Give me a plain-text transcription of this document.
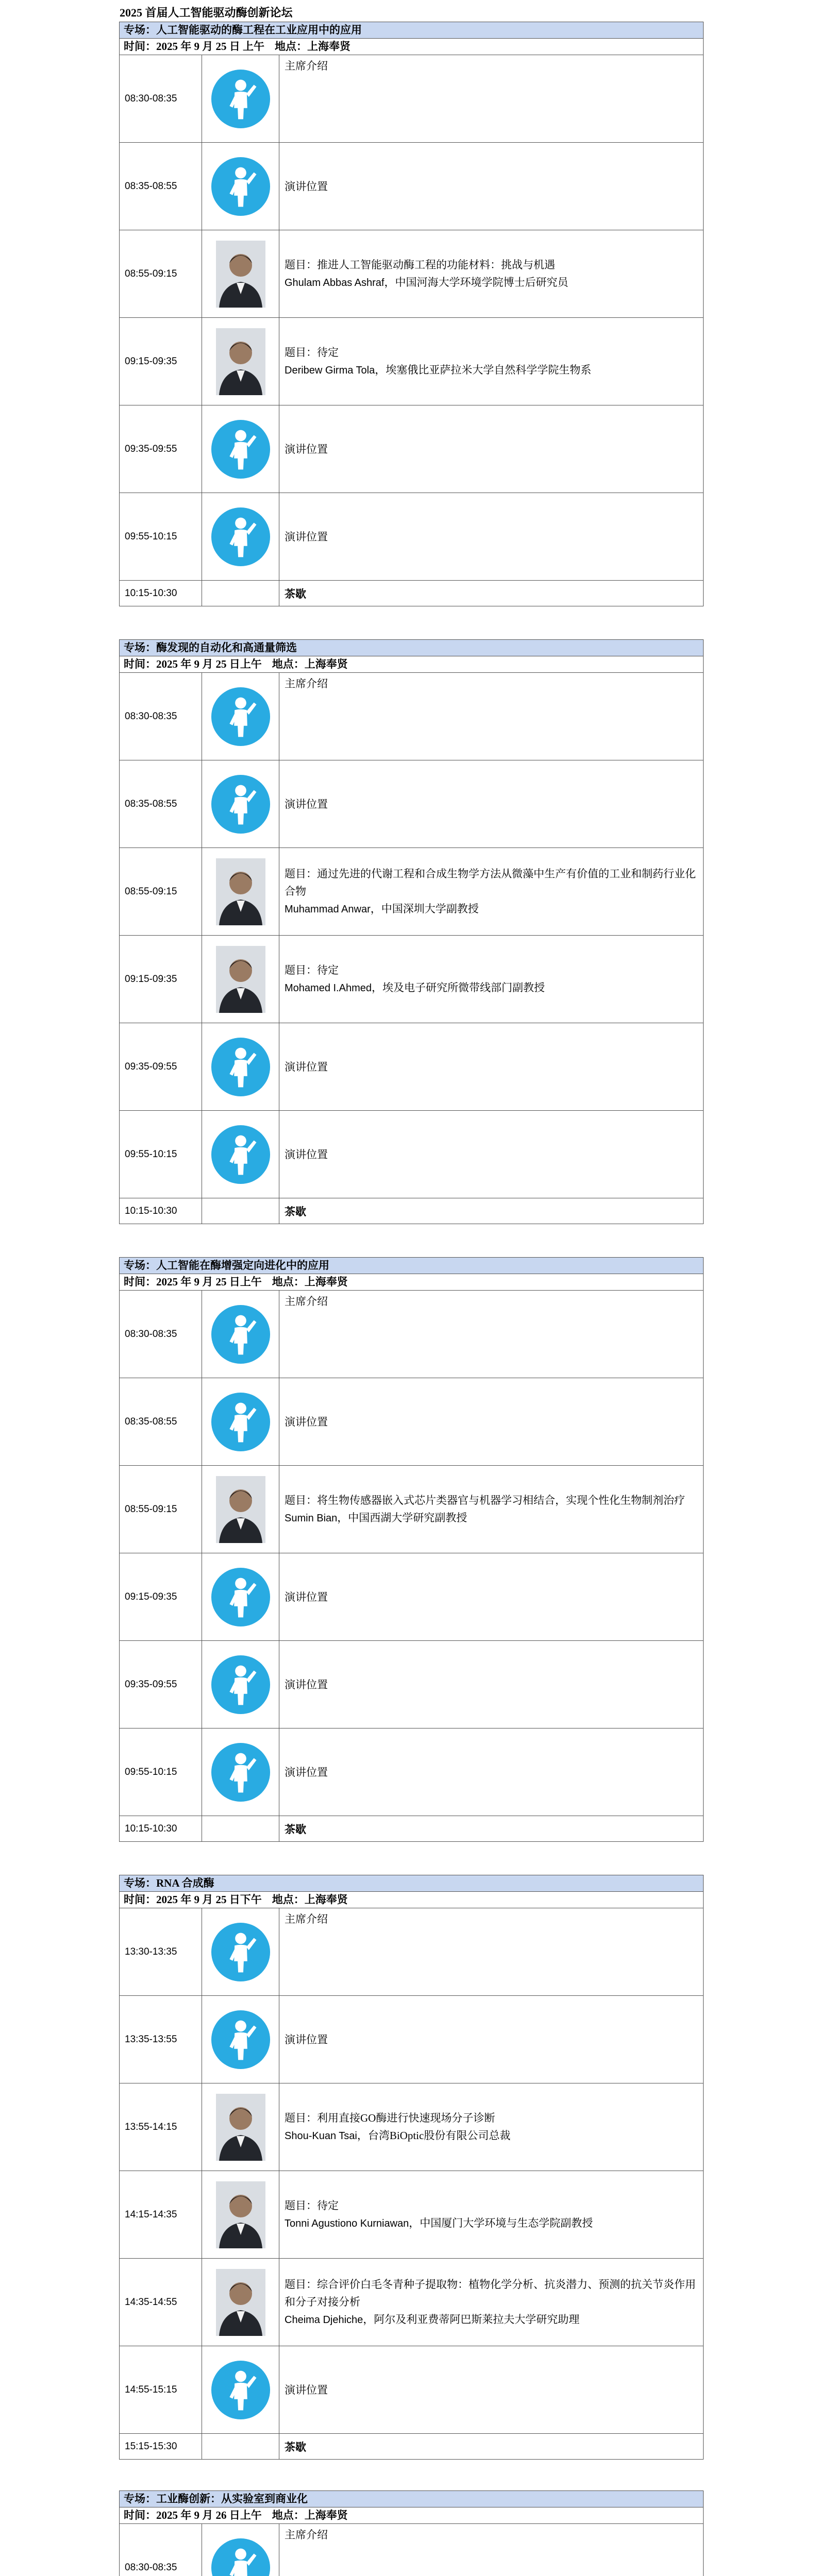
2025 首届人工智能驱动酶创新论坛
专场：人工智能驱动的酶工程在工业应用中的应用
时间：2025 年 9 月 25 日 上午 地点：上海奉贤
08:30-08:35
主席介绍
08:35-08:55	演讲位置
08:55-09:15
题目：推进人工智能驱动酶工程的功能材料：挑战与机遇
Ghulam Abbas Ashraf，中国河海大学环境学院博士后研究员
09:15-09:35
题目：待定
Deribew Girma Tola，埃塞俄比亚萨拉米大学自然科学学院生物系
09:35-09:55	演讲位置
09:55-10:15	演讲位置
10:15-10:30	茶歇
专场：酶发现的自动化和高通量筛选
时间：2025 年 9 月 25 日上午 地点：上海奉贤
08:30-08:35
主席介绍
08:35-08:55	演讲位置
08:55-09:15
题目：通过先进的代谢工程和合成生物学方法从微藻中生产有价值的工业和制药行业化合物
Muhammad Anwar，中国深圳大学副教授
09:15-09:35
题目：待定
Mohamed I.Ahmed，埃及电子研究所微带线部门副教授
09:35-09:55	演讲位置
09:55-10:15	演讲位置
10:15-10:30	茶歇
专场：人工智能在酶增强定向进化中的应用
时间：2025 年 9 月 25 日上午 地点：上海奉贤
08:30-08:35
主席介绍
08:35-08:55	演讲位置
08:55-09:15
题目：将生物传感器嵌入式芯片类器官与机器学习相结合，实现个性化生物制剂治疗
Sumin Bian，中国西湖大学研究副教授
09:15-09:35	演讲位置
09:35-09:55	演讲位置
09:55-10:15	演讲位置
10:15-10:30	茶歇
专场：RNA 合成酶
时间：2025 年 9 月 25 日下午 地点：上海奉贤
13:30-13:35
主席介绍
13:35-13:55	演讲位置
13:55-14:15
题目：利用直接GO酶进行快速现场分子诊断
Shou-Kuan Tsai，台湾BiOptic股份有限公司总裁
14:15-14:35
题目：待定
Tonni Agustiono Kurniawan，中国厦门大学环境与生态学院副教授
14:35-14:55
题目：综合评价白毛冬青种子提取物：植物化学分析、抗炎潜力、预测的抗关节炎作用和分子对接分析
Cheima Djehiche，阿尔及利亚费蒂阿巴斯莱拉夫大学研究助理
14:55-15:15	演讲位置
15:15-15:30	茶歇
专场：工业酶创新：从实验室到商业化
时间：2025 年 9 月 26 日上午 地点：上海奉贤
08:30-08:35
主席介绍
